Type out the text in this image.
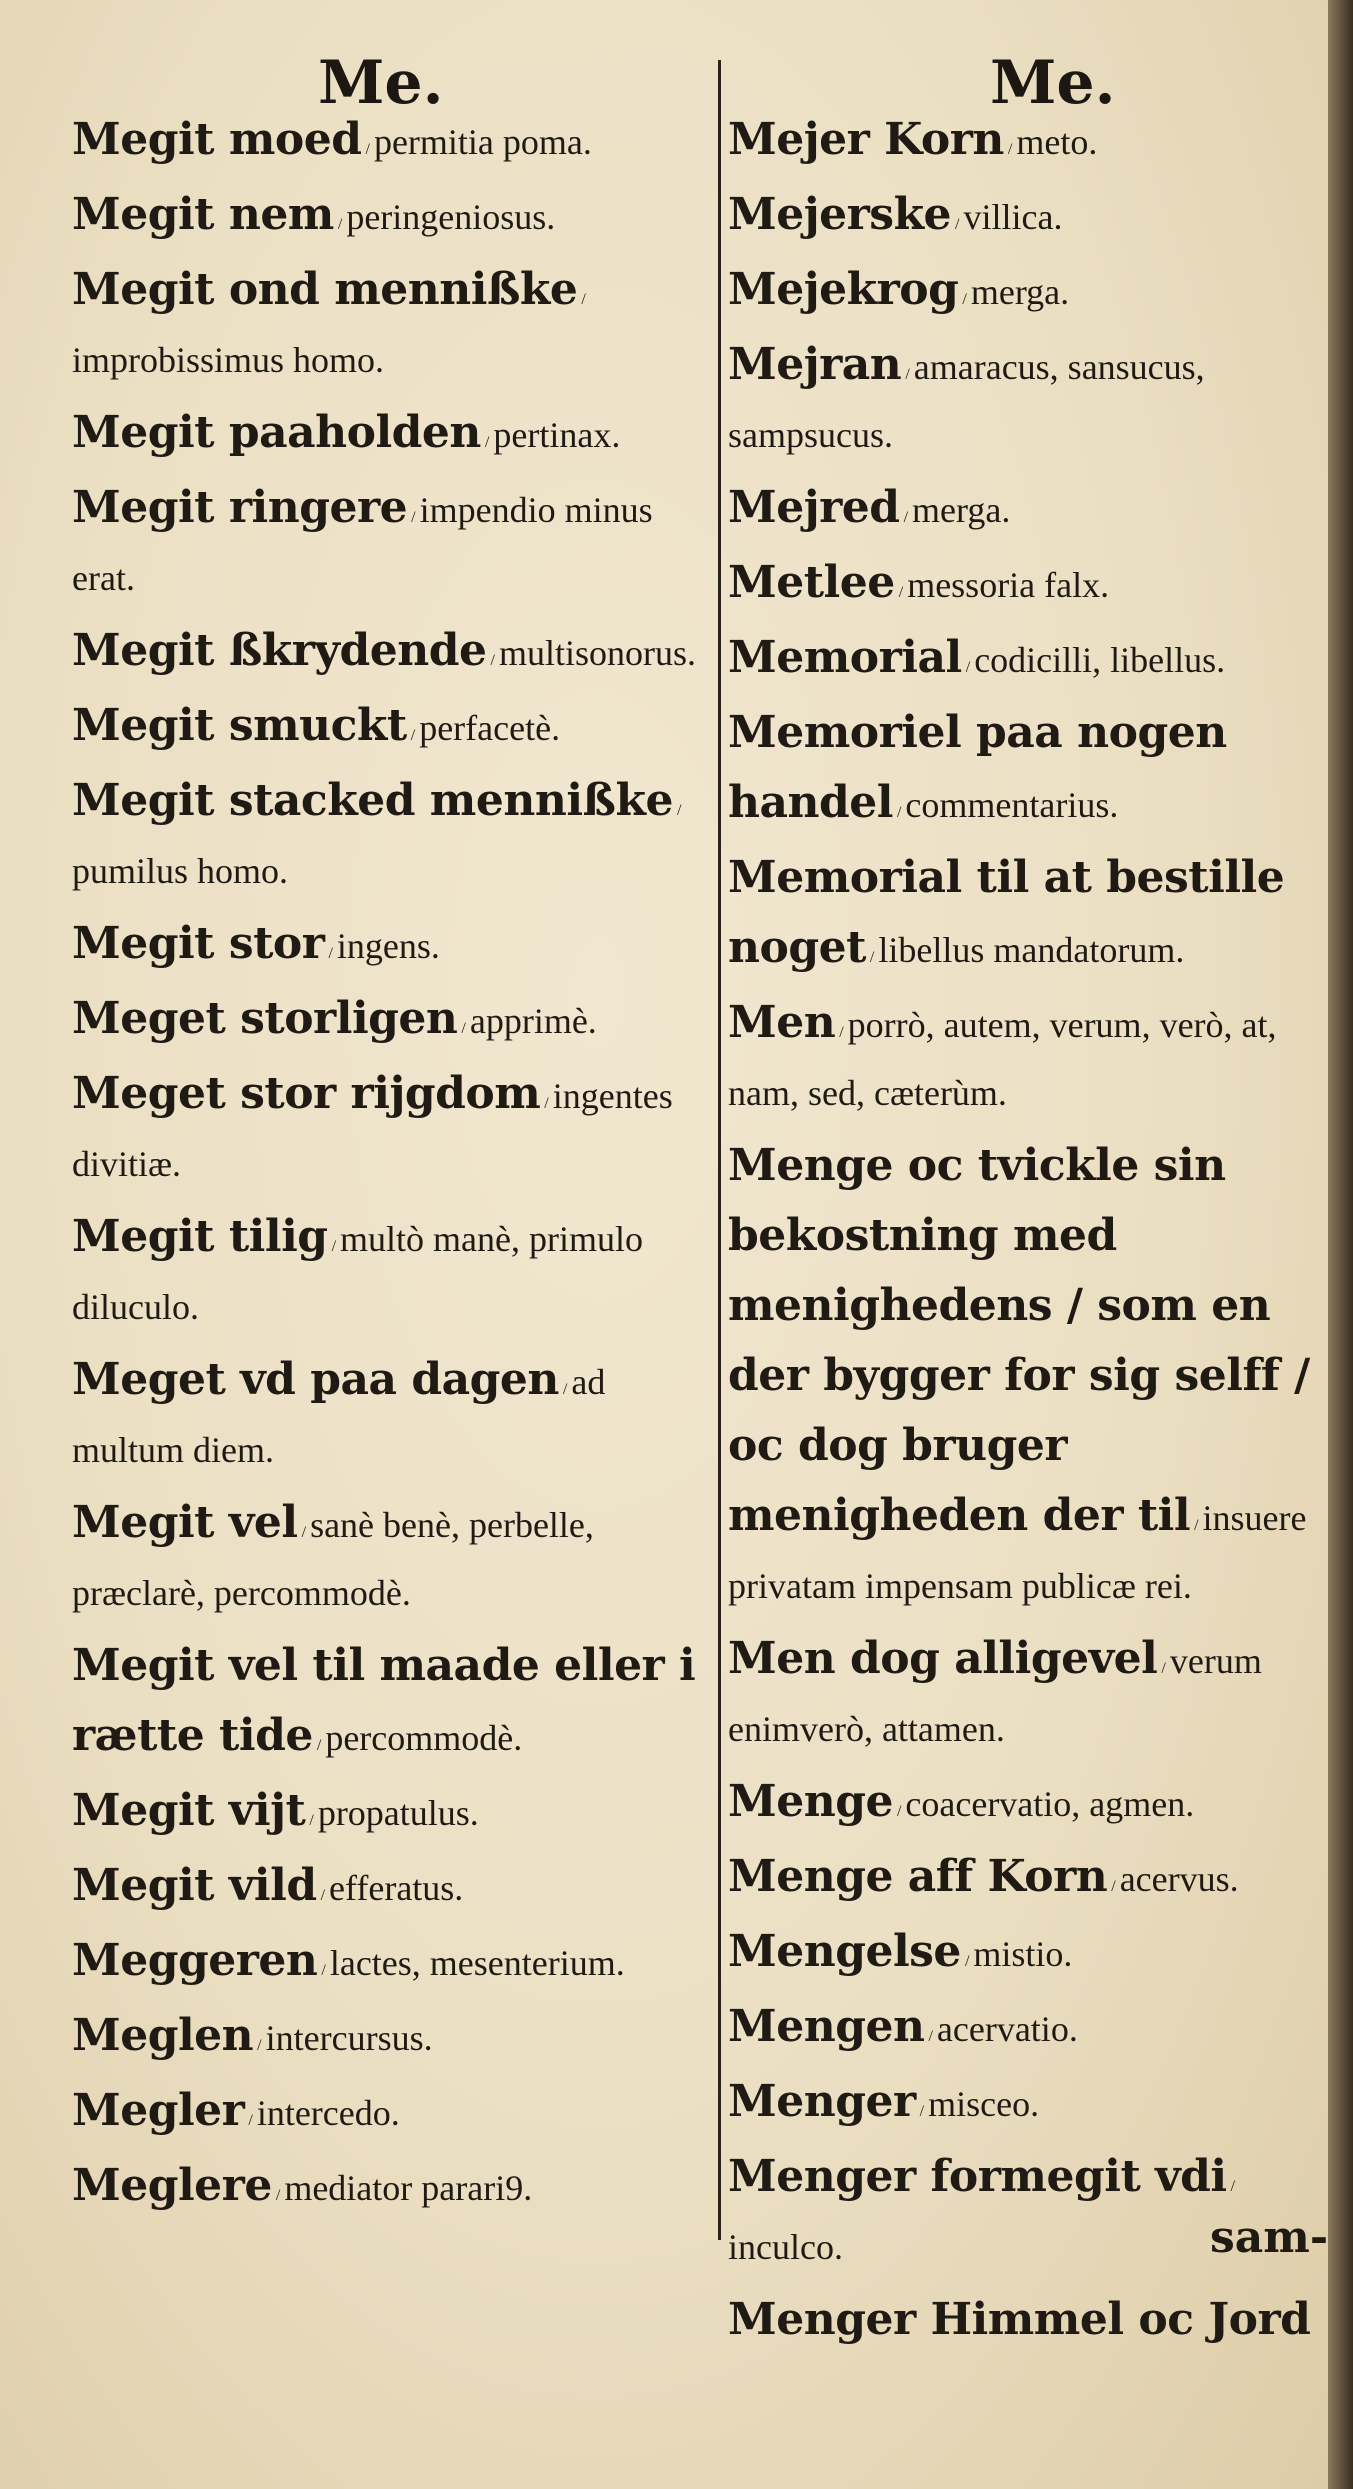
Me.	Me.
Megit moed / permitia poma.
Megit nem / peringeniosus.
Megit ond mennißke / improbissimus homo.
Megit paaholden / pertinax.
Megit ringere / impendio minus erat.
Megit ßkrydende / multisonorus.
Megit smuckt / perfacetè.
Megit stacked mennißke / pumilus homo.
Megit stor / ingens.
Meget storligen / apprimè.
Meget stor rijgdom / ingentes divitiæ.
Megit tilig / multò manè, primulo diluculo.
Meget vd paa dagen / ad multum diem.
Megit vel / sanè benè, perbelle, præclarè, percommodè.
Megit vel til maade eller i rætte tide / percommodè.
Megit vijt / propatulus.
Megit vild / efferatus.
Meggeren / lactes, mesenterium.
Meglen / intercursus.
Megler / intercedo.
Meglere / mediator parari9.
Mejer Korn / meto.
Mejerske / villica.
Mejekrog / merga.
Mejran / amaracus, sansucus, sampsucus.
Mejred / merga.
Metlee / messoria falx.
Memorial / codicilli, libellus.
Memoriel paa nogen handel / commentarius.
Memorial til at bestille noget / libellus mandatorum.
Men / porrò, autem, verum, verò, at, nam, sed, cæterùm.
Menge oc tvickle sin bekostning med menighedens / som en der bygger for sig selff / oc dog bruger menigheden der til / insuere privatam impensam publicæ rei.
Men dog alligevel / verum enimverò, attamen.
Menge / coacervatio, agmen.
Menge aff Korn / acervus.
Mengelse / mistio.
Mengen / acervatio.
Menger / misceo.
Menger formegit vdi / inculco.
Menger Himmel oc Jord
sam-
